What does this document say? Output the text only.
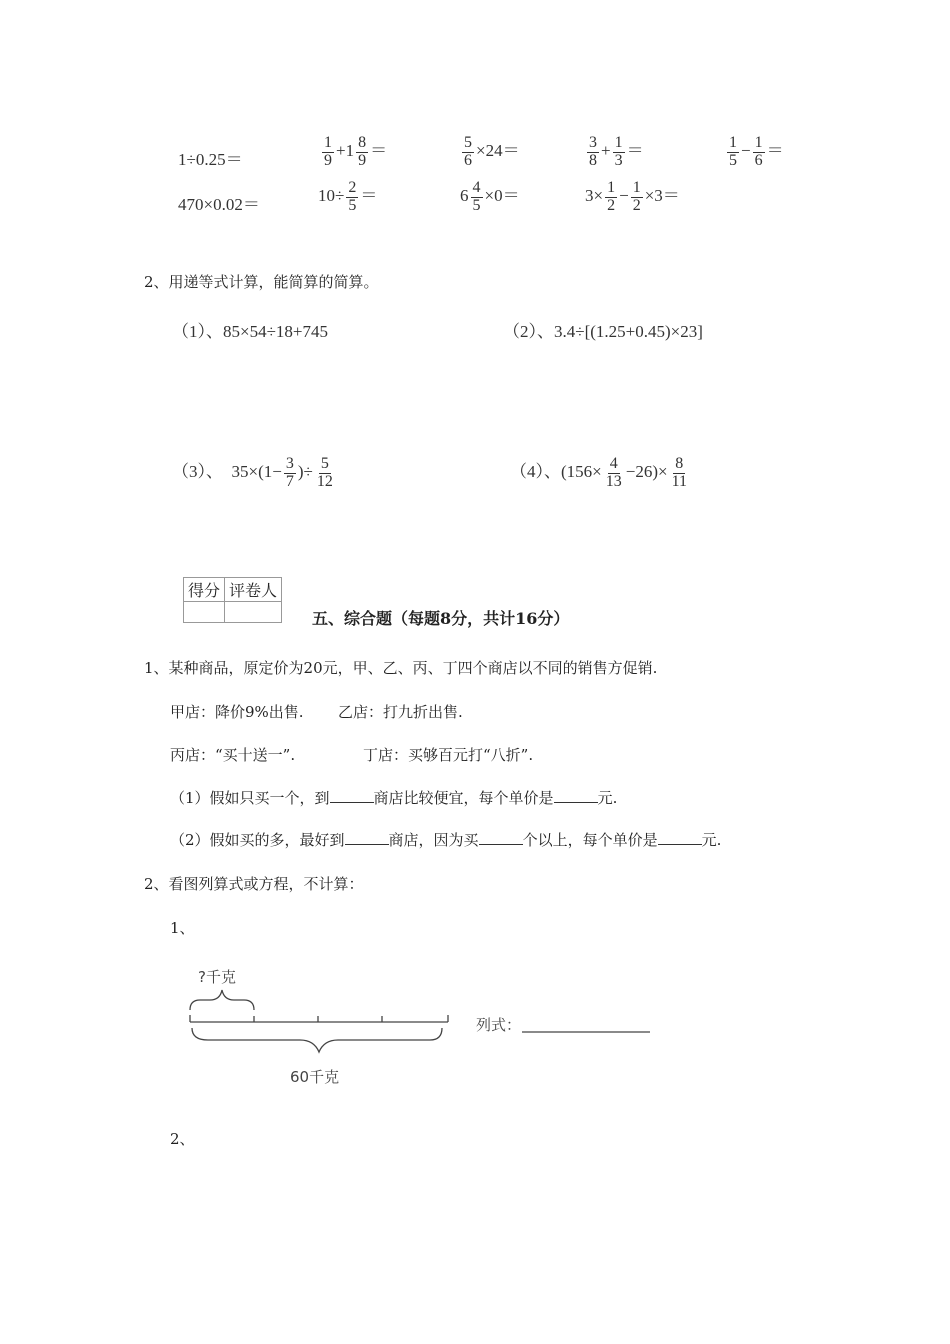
1÷0.25＝	$\frac{1}{9} +1 \frac{8}{9}$ ＝	$\frac{5}{6} \times 24=$	$\frac{3}{8} + \frac{1}{3}$ ＝	$\frac{1}{5} - \frac{1}{6}$ ＝
470×0.02＝	$10\div \frac{2}{5}$ ＝	$6 \frac{4}{5} \times 0=$	$3\times \frac{1}{2} - \frac{1}{2} \times 3=$
2、用递等式计算，能简算的简算。
（1）、85×54÷18+745	（2）、3.4÷[(1.25+0.45)×23]
（3）、 $35\times(1- \frac{3}{7}$ )÷ $\frac{5}{12}$	（4）、$(156\times \frac{4}{13} -26)\times \frac{8}{11}$
得分	评卷人

五、综合题（每题8分，共计16分）
1、某种商品，原定价为20元，甲、乙、丙、丁四个商店以不同的销售方促销.
甲店：降价9%出售. 乙店：打九折出售.
丙店：“买十送一”.	丁店：买够百元打“八折”.
（1）假如只买一个，到	商店比较便宜，每个单价是	元.
（2）假如买的多，最好到	商店，因为买	个以上，每个单价是	元.
2、看图列算式或方程，不计算：
1、
?千克
60千克
列式：
2、
